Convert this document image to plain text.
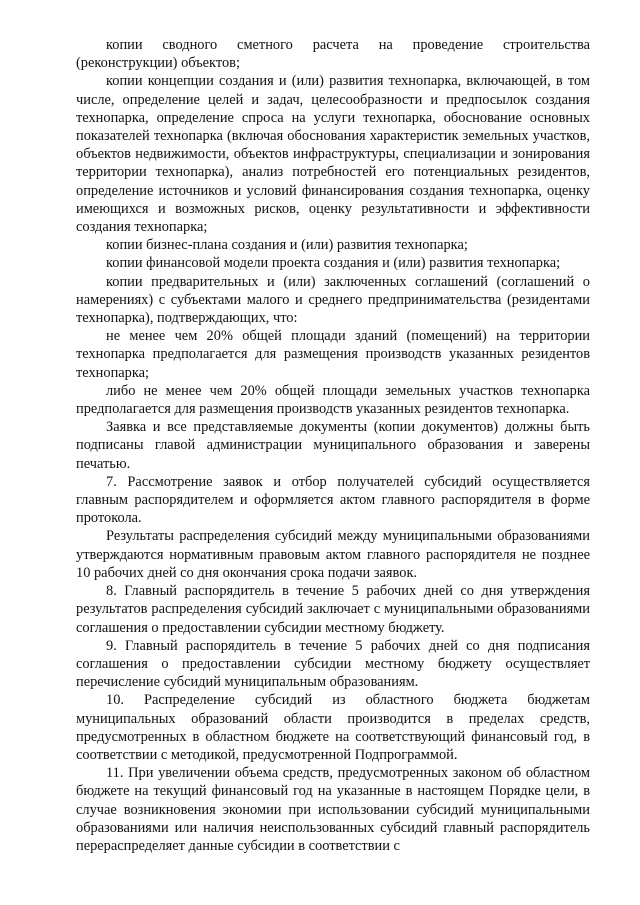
копии сводного сметного расчета на проведение строительства (реконструкции) объектов;

копии концепции создания и (или) развития технопарка, включающей, в том числе, определение целей и задач, целесообразности и предпосылок создания технопарка, определение спроса на услуги технопарка, обоснование основных показателей технопарка (включая обоснования характеристик земельных участков, объектов недвижимости, объектов инфраструктуры, специализации и зонирования территории технопарка), анализ потребностей его потенциальных резидентов, определение источников и условий финансирования создания технопарка, оценку имеющихся и возможных рисков, оценку результативности и эффективности создания технопарка;

копии бизнес-плана создания и (или) развития технопарка;

копии финансовой модели проекта создания и (или) развития технопарка;

копии предварительных и (или) заключенных соглашений (соглашений о намерениях) с субъектами малого и среднего предпринимательства (резидентами технопарка), подтверждающих, что:

не менее чем 20% общей площади зданий (помещений) на территории технопарка предполагается для размещения производств указанных резидентов технопарка;

либо не менее чем 20% общей площади земельных участков технопарка предполагается для размещения производств указанных резидентов технопарка.

Заявка и все представляемые документы (копии документов) должны быть подписаны главой администрации муниципального образования и заверены печатью.

7. Рассмотрение заявок и отбор получателей субсидий осуществляется главным распорядителем и оформляется актом главного распорядителя в форме протокола.

Результаты распределения субсидий между муниципальными образованиями утверждаются нормативным правовым актом главного распорядителя не позднее 10 рабочих дней со дня окончания срока подачи заявок.

8. Главный распорядитель в течение 5 рабочих дней со дня утверждения результатов распределения субсидий заключает с муниципальными образованиями соглашения о предоставлении субсидии местному бюджету.

9. Главный распорядитель в течение 5 рабочих дней со дня подписания соглашения о предоставлении субсидии местному бюджету осуществляет перечисление субсидий муниципальным образованиям.

10. Распределение субсидий из областного бюджета бюджетам муниципальных образований области производится в пределах средств, предусмотренных в областном бюджете на соответствующий финансовый год, в соответствии с методикой, предусмотренной Подпрограммой.

11. При увеличении объема средств, предусмотренных законом об областном бюджете на текущий финансовый год на указанные в настоящем Порядке цели, в случае возникновения экономии при использовании субсидий муниципальными образованиями или наличия неиспользованных субсидий главный распорядитель перераспределяет данные субсидии в соответствии с
